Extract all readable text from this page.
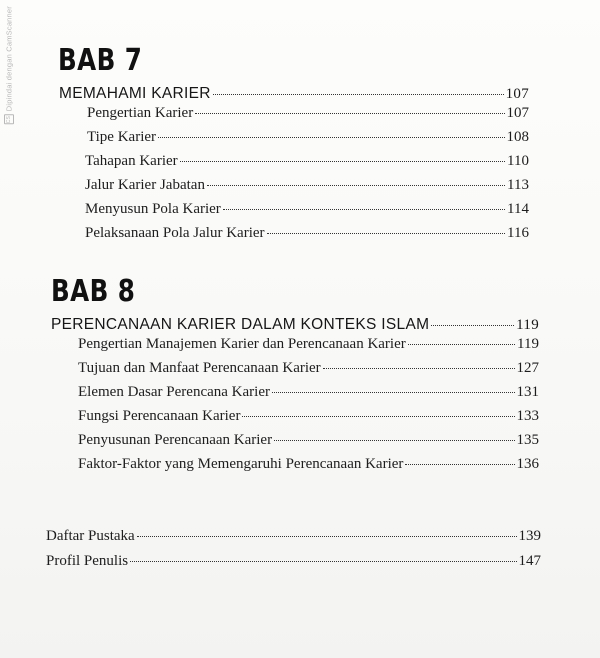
CS
Dipindai dengan CamScanner BAB 7
MEMAHAMI KARIER	107
Pengertian Karier	107
Tipe Karier	108
Tahapan Karier	110
Jalur Karier Jabatan	113
Menyusun Pola Karier	114
Pelaksanaan Pola Jalur Karier	116
BAB 8
PERENCANAAN KARIER DALAM KONTEKS ISLAM	119
Pengertian Manajemen Karier dan Perencanaan Karier	119
Tujuan dan Manfaat Perencanaan Karier	127
Elemen Dasar Perencana Karier	131
Fungsi Perencanaan Karier	133
Penyusunan Perencanaan Karier	135
Faktor-Faktor yang Memengaruhi Perencanaan Karier	136
Daftar Pustaka	139
Profil Penulis	147
